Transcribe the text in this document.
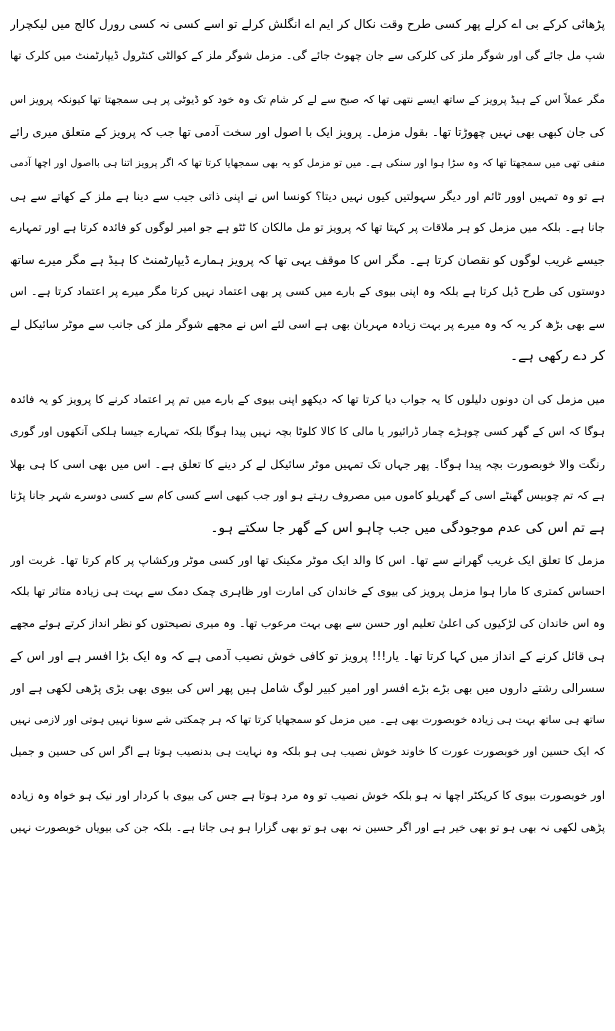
پڑھائی کرکے بی اے کرلے پھر کسی طرح وقت نکال کر ایم اے انگلش کرلے تو اسے کسی نہ کسی رورل کالج میں لیکچرار
شپ مل جائے گی اور شوگر ملز کی کلرکی سے جان چھوٹ جائے گی۔ مزمل شوگر ملز کے کوالٹی کنٹرول ڈیپارٹمنٹ میں کلرک تھا
مگر عملاً اس کے ہیڈ پرویز کے ساتھ ایسے نتھی تھا کہ صبح سے لے کر شام تک وہ خود کو ڈیوٹی پر ہی سمجھتا تھا کیونکہ پرویز اس
کی جان کبھی بھی نہیں چھوڑتا تھا۔ بقول مزمل۔ پرویز ایک با اصول اور سخت آدمی تھا جب کہ پرویز کے متعلق میری رائے
منفی تھی میں سمجھتا تھا کہ وہ سڑا ہوا اور سنکی ہے۔ میں تو مزمل کو یہ بھی سمجھایا کرتا تھا کہ اگر پرویز اتنا ہی بااصول اور اچھا آدمی
ہے تو وہ تمہیں اوور ٹائم اور دیگر سہولتیں کیوں نہیں دیتا؟ کونسا اس نے اپنی ذاتی جیب سے دینا ہے ملز کے کھاتے سے ہی
جانا ہے۔ بلکہ میں مزمل کو ہر ملاقات پر کہتا تھا کہ پرویز تو مل مالکان کا ٹٹو ہے جو امیر لوگوں کو فائدہ کرتا ہے اور تمہارے
جیسے غریب لوگوں کو نقصان کرتا ہے۔ مگر اس کا موقف یہی تھا کہ پرویز ہمارے ڈیپارٹمنٹ کا ہیڈ ہے مگر میرے ساتھ
دوستوں کی طرح ڈیل کرتا ہے بلکہ وہ اپنی بیوی کے بارے میں کسی پر بھی اعتماد نہیں کرتا مگر میرے پر اعتماد کرتا ہے۔ اس
سے بھی بڑھ کر یہ کہ وہ میرے پر بہت زیادہ مہربان بھی ہے اسی لئے اس نے مجھے شوگر ملز کی جانب سے موٹر سائیکل لے
کر دے رکھی ہے۔
میں مزمل کی ان دونوں دلیلوں کا یہ جواب دیا کرتا تھا کہ دیکھو اپنی بیوی کے بارے میں تم پر اعتماد کرنے کا پرویز کو یہ فائدہ
ہوگا کہ اس کے گھر کسی چوہڑے چمار ڈرائیور یا مالی کا کالا کلوٹا بچہ نہیں پیدا ہوگا بلکہ تمہارے جیسا ہلکی آنکھوں اور گوری
رنگت والا خوبصورت بچہ پیدا ہوگا۔ پھر جہاں تک تمہیں موٹر سائیکل لے کر دینے کا تعلق ہے۔ اس میں بھی اسی کا ہی بھلا
ہے کہ تم چوبیس گھنٹے اسی کے گھریلو کاموں میں مصروف رہتے ہو اور جب کبھی اسے کسی کام سے کسی دوسرے شہر جانا پڑتا
ہے تم اس کی عدم موجودگی میں جب چاہو اس کے گھر جا سکتے ہو۔
مزمل کا تعلق ایک غریب گھرانے سے تھا۔ اس کا والد ایک موٹر مکینک تھا اور کسی موٹر ورکشاپ پر کام کرتا تھا۔ غربت اور
احساس کمتری کا مارا ہوا مزمل پرویز کی بیوی کے خاندان کی امارت اور ظاہری چمک دمک سے بہت ہی زیادہ متاثر تھا بلکہ
وہ اس خاندان کی لڑکیوں کی اعلیٰ تعلیم اور حسن سے بھی بہت مرعوب تھا۔ وہ میری نصیحتوں کو نظر انداز کرتے ہوئے مجھے
ہی قائل کرنے کے انداز میں کہا کرتا تھا۔ یار!!! پرویز تو کافی خوش نصیب آدمی ہے کہ وہ ایک بڑا افسر ہے اور اس کے
سسرالی رشتے داروں میں بھی بڑے بڑے افسر اور امیر کبیر لوگ شامل ہیں پھر اس کی بیوی بھی بڑی پڑھی لکھی ہے اور
ساتھ ہی ساتھ بہت ہی زیادہ خوبصورت بھی ہے۔ میں مزمل کو سمجھایا کرتا تھا کہ ہر چمکتی شے سونا نہیں ہوتی اور لازمی نہیں
کہ ایک حسین اور خوبصورت عورت کا خاوند خوش نصیب ہی ہو بلکہ وہ نہایت ہی بدنصیب ہوتا ہے اگر اس کی حسین و جمیل
اور خوبصورت بیوی کا کریکٹر اچھا نہ ہو بلکہ خوش نصیب تو وہ مرد ہوتا ہے جس کی بیوی با کردار اور نیک ہو خواہ وہ زیادہ
پڑھی لکھی نہ بھی ہو تو بھی خیر ہے اور اگر حسین نہ بھی ہو تو بھی گزارا ہو ہی جاتا ہے۔ بلکہ جن کی بیویاں خوبصورت نہیں
